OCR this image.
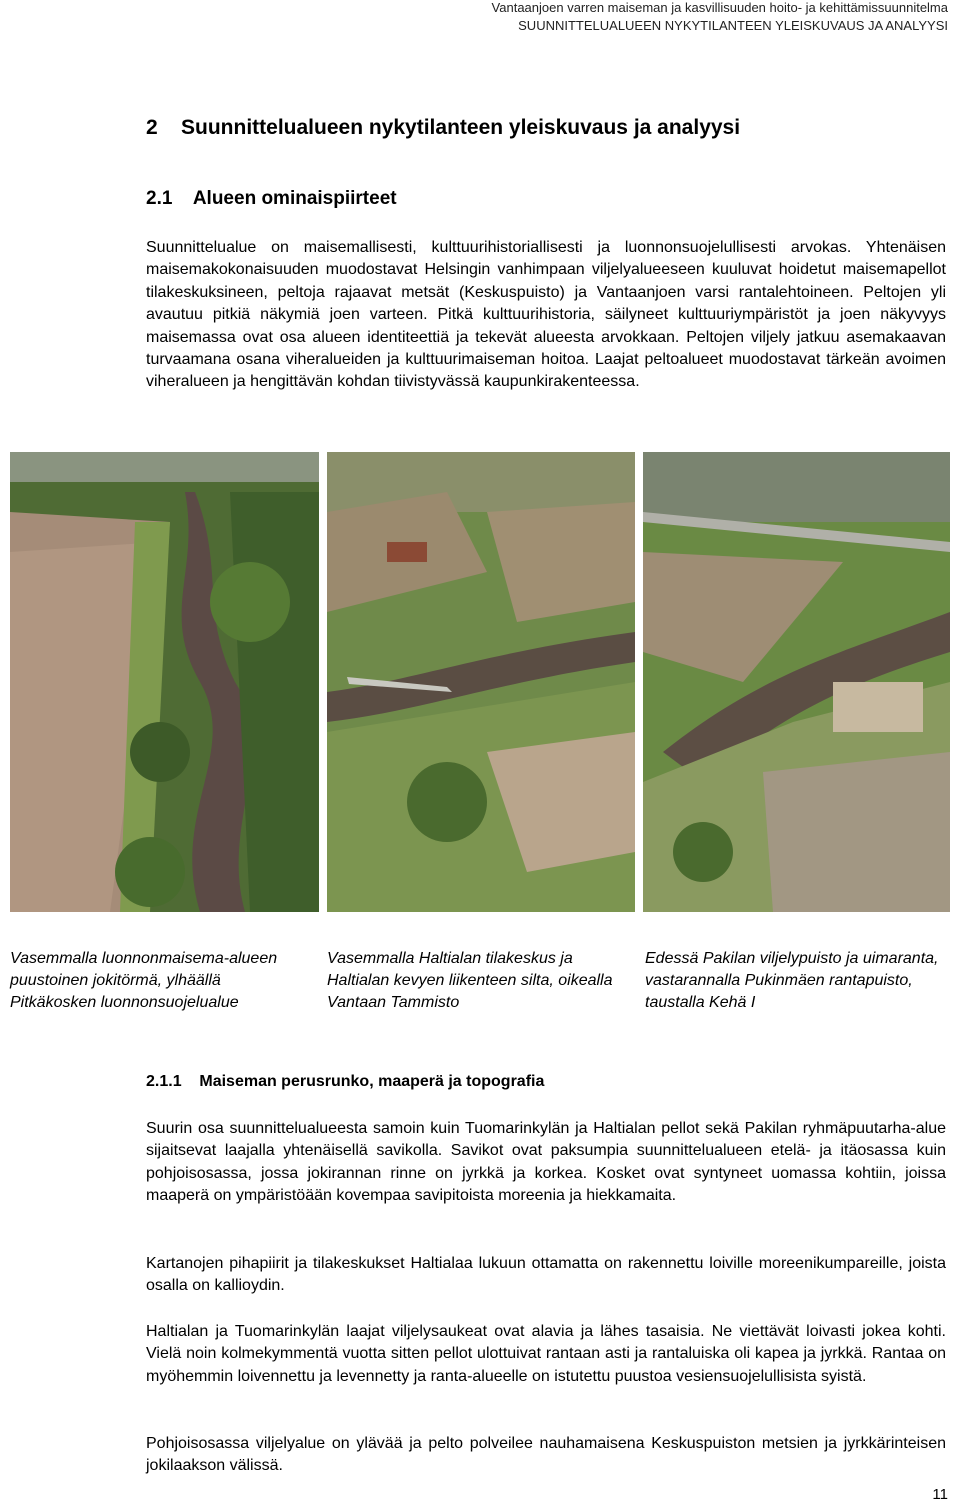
Vantaanjoen varren maiseman ja kasvillisuuden hoito- ja kehittämissuunnitelma
SUUNNITTELUALUEEN NYKYTILANTEEN YLEISKUVAUS JA ANALYYSI
2    Suunnittelualueen nykytilanteen yleiskuvaus ja analyysi
2.1    Alueen ominaispiirteet

Suunnittelualue on maisemallisesti, kulttuurihistoriallisesti ja luonnonsuojelullisesti arvokas. Yhtenäisen maisemakokonaisuuden muodostavat Helsingin vanhimpaan viljelyalueeseen kuuluvat hoidetut maisemapellot tilakeskuksineen, peltoja rajaavat metsät (Keskuspuisto) ja Vantaanjoen varsi rantalehtoineen. Peltojen yli avautuu pitkiä näkymiä joen varteen. Pitkä kulttuurihistoria, säilyneet kulttuuriympäristöt ja joen näkyvyys maisemassa ovat osa alueen identiteettiä ja tekevät alueesta arvokkaan. Peltojen viljely jatkuu asemakaavan turvaamana osana viheralueiden ja kulttuurimaiseman hoitoa. Laajat peltoalueet muodostavat tärkeän avoimen viheralueen ja hengittävän kohdan tiivistyvässä kaupunkirakenteessa.

Vasemmalla luonnonmaisema-alueen puustoinen jokitörmä, ylhäällä Pitkäkosken luonnonsuojelualue

Vasemmalla Haltialan tilakeskus ja Haltialan kevyen liikenteen silta, oikealla Vantaan Tammisto

Edessä Pakilan viljelypuisto ja uimaranta, vastarannalla Pukinmäen rantapuisto, taustalla Kehä I

2.1.1    Maiseman perusrunko, maaperä ja topografia

Suurin osa suunnittelualueesta samoin kuin Tuomarinkylän ja Haltialan pellot sekä Pakilan ryhmäpuutarha-alue sijaitsevat laajalla yhtenäisellä savikolla. Savikot ovat paksumpia suunnittelualueen etelä- ja itäosassa kuin pohjoisosassa, jossa jokirannan rinne on jyrkkä ja korkea. Kosket ovat syntyneet uomassa kohtiin, joissa maaperä on ympäristöään kovempaa savipitoista moreenia ja hiekkamaita.

Kartanojen pihapiirit ja tilakeskukset Haltialaa lukuun ottamatta on rakennettu loiville moreenikumpareille, joista osalla on kallioydin.

Haltialan ja Tuomarinkylän laajat viljelysaukeat ovat alavia ja lähes tasaisia. Ne viettävät loivasti jokea kohti. Vielä noin kolmekymmentä vuotta sitten pellot ulottuivat rantaan asti ja rantaluiska oli kapea ja jyrkkä. Rantaa on myöhemmin loivennettu ja levennetty ja ranta-alueelle on istutettu puustoa vesiensuojelullisista syistä.

Pohjoisosassa viljelyalue on ylävää ja pelto polveilee nauhamaisena Keskuspuiston metsien ja jyrkkärinteisen jokilaakson välissä.

11
